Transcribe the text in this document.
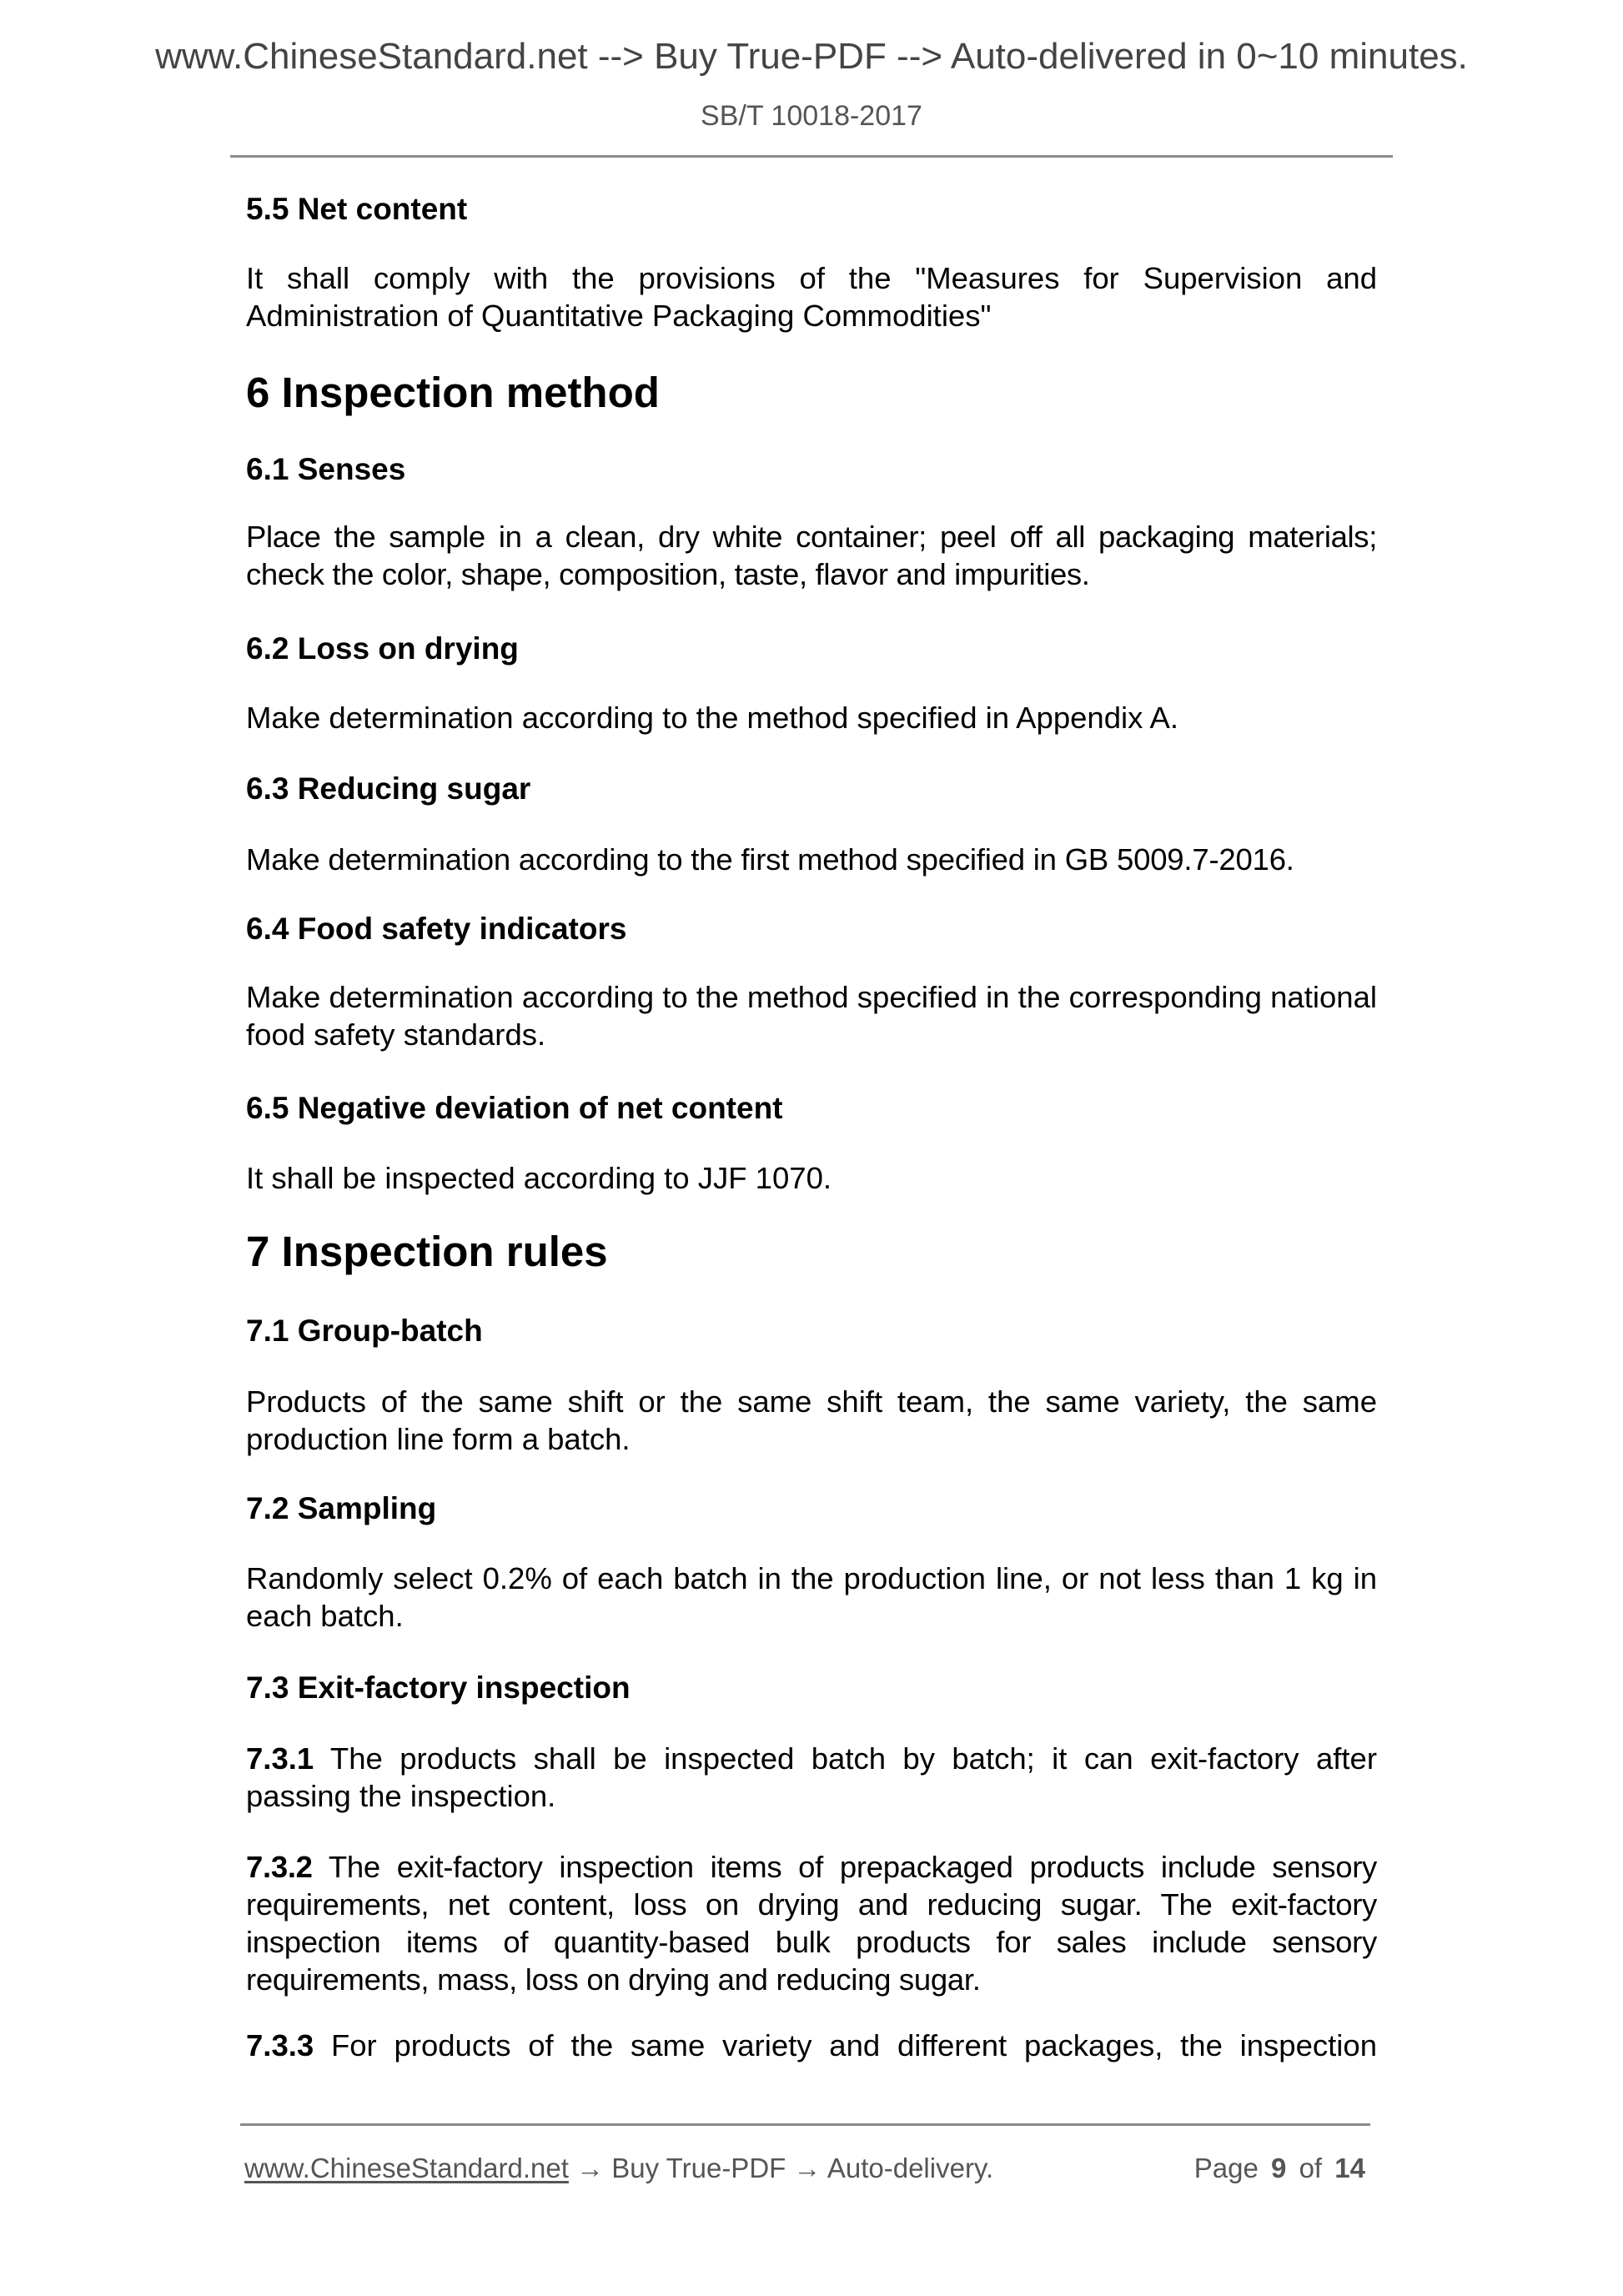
www.ChineseStandard.net --> Buy True-PDF --> Auto-delivered in 0~10 minutes.
SB/T 10018-2017
5.5 Net content
It shall comply with the provisions of the "Measures for Supervision and Administration of Quantitative Packaging Commodities"
6 Inspection method
6.1 Senses
Place the sample in a clean, dry white container; peel off all packaging materials; check the color, shape, composition, taste, flavor and impurities.
6.2 Loss on drying
Make determination according to the method specified in Appendix A.
6.3 Reducing sugar
Make determination according to the first method specified in GB 5009.7-2016.
6.4 Food safety indicators
Make determination according to the method specified in the corresponding national food safety standards.
6.5 Negative deviation of net content
It shall be inspected according to JJF 1070.
7 Inspection rules
7.1 Group-batch
Products of the same shift or the same shift team, the same variety, the same production line form a batch.
7.2 Sampling
Randomly select 0.2% of each batch in the production line, or not less than 1 kg in each batch.
7.3 Exit-factory inspection
7.3.1 The products shall be inspected batch by batch; it can exit-factory after passing the inspection.
7.3.2 The exit-factory inspection items of prepackaged products include sensory requirements, net content, loss on drying and reducing sugar. The exit-factory inspection items of quantity-based bulk products for sales include sensory requirements, mass, loss on drying and reducing sugar.
7.3.3 For products of the same variety and different packages, the inspection
www.ChineseStandard.net → Buy True-PDF → Auto-delivery.	Page 9 of 14
